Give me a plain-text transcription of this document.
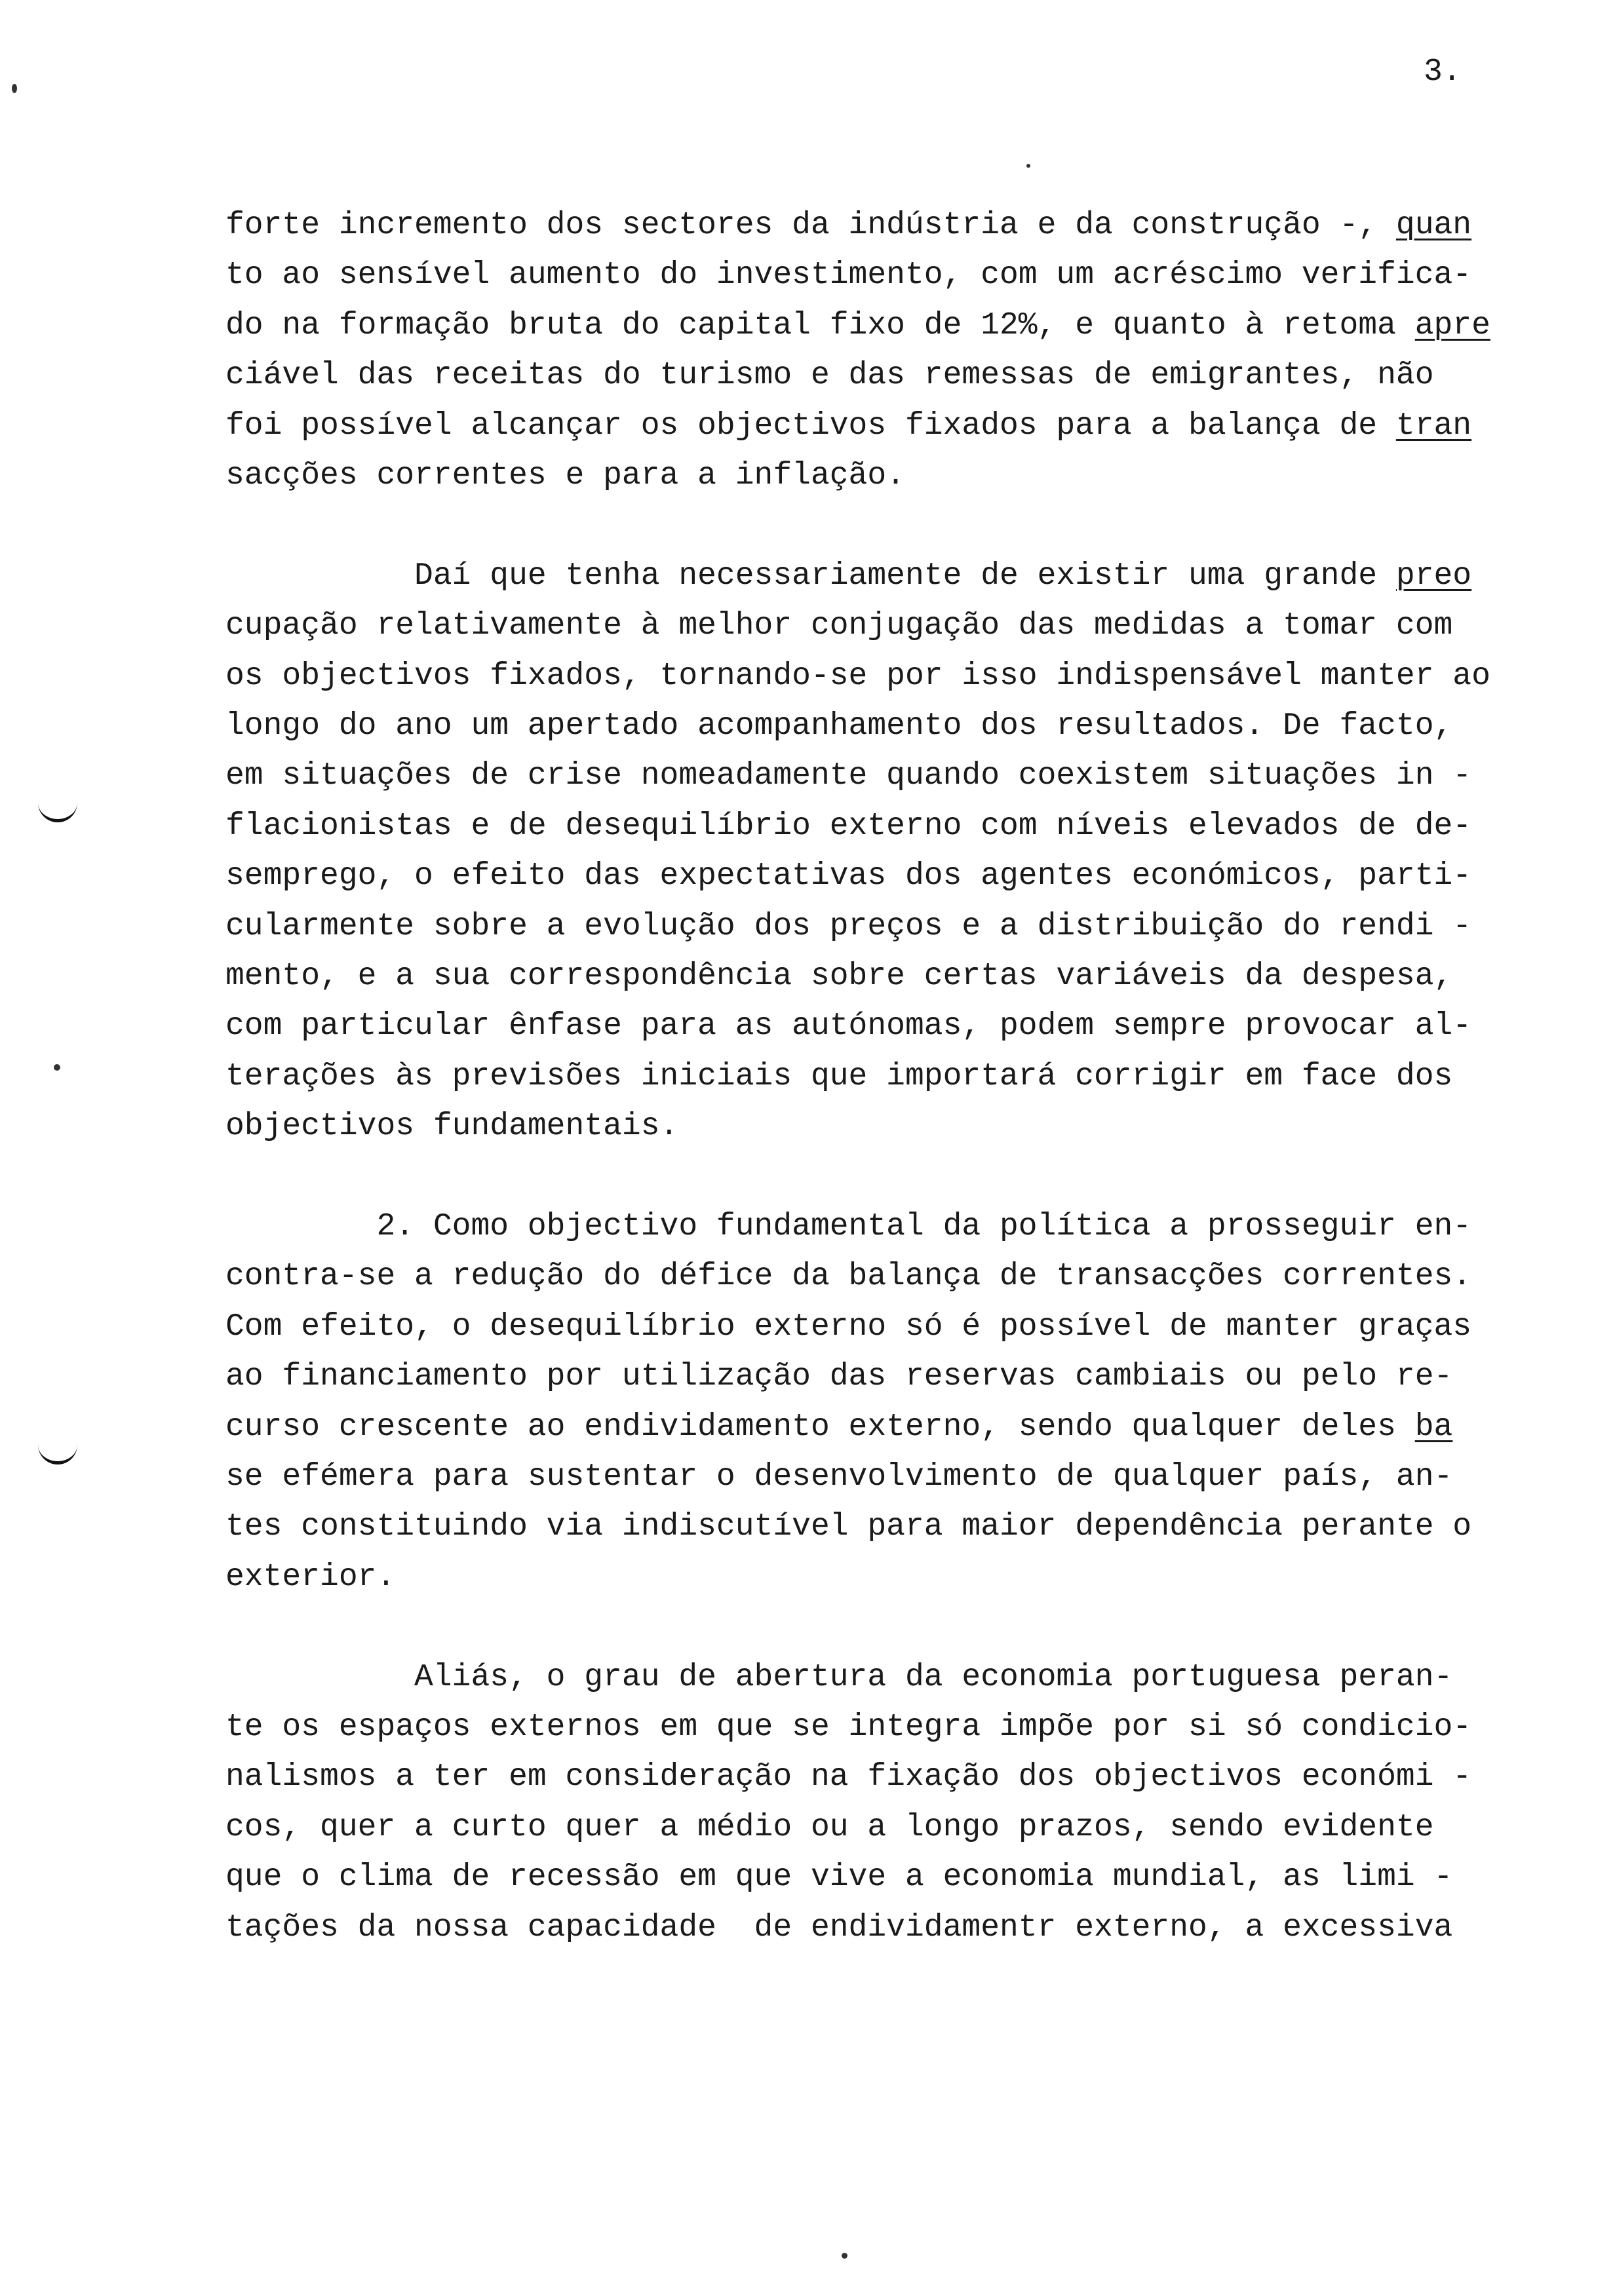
3.
forte incremento dos sectores da indústria e da construção -, quan
to ao sensível aumento do investimento, com um acréscimo verifica-
do na formação bruta do capital fixo de 12%, e quanto à retoma apre
ciável das receitas do turismo e das remessas de emigrantes, não
foi possível alcançar os objectivos fixados para a balança de tran
sacções correntes e para a inflação.
Daí que tenha necessariamente de existir uma grande preo
cupação relativamente à melhor conjugação das medidas a tomar com
os objectivos fixados, tornando-se por isso indispensável manter ao
longo do ano um apertado acompanhamento dos resultados. De facto,
em situações de crise nomeadamente quando coexistem situações in -
flacionistas e de desequilíbrio externo com níveis elevados de de-
semprego, o efeito das expectativas dos agentes económicos, parti-
cularmente sobre a evolução dos preços e a distribuição do rendi -
mento, e a sua correspondência sobre certas variáveis da despesa,
com particular ênfase para as autónomas, podem sempre provocar al-
terações às previsões iniciais que importará corrigir em face dos
objectivos fundamentais.
2. Como objectivo fundamental da política a prosseguir en-
contra-se a redução do défice da balança de transacções correntes.
Com efeito, o desequilíbrio externo só é possível de manter graças
ao financiamento por utilização das reservas cambiais ou pelo re-
curso crescente ao endividamento externo, sendo qualquer deles ba
se efémera para sustentar o desenvolvimento de qualquer país, an-
tes constituindo via indiscutível para maior dependência perante o
exterior.
Aliás, o grau de abertura da economia portuguesa peran-
te os espaços externos em que se integra impõe por si só condicio-
nalismos a ter em consideração na fixação dos objectivos económi -
cos, quer a curto quer a médio ou a longo prazos, sendo evidente
que o clima de recessão em que vive a economia mundial, as limi -
tações da nossa capacidade  de endividamentr externo, a excessiva
